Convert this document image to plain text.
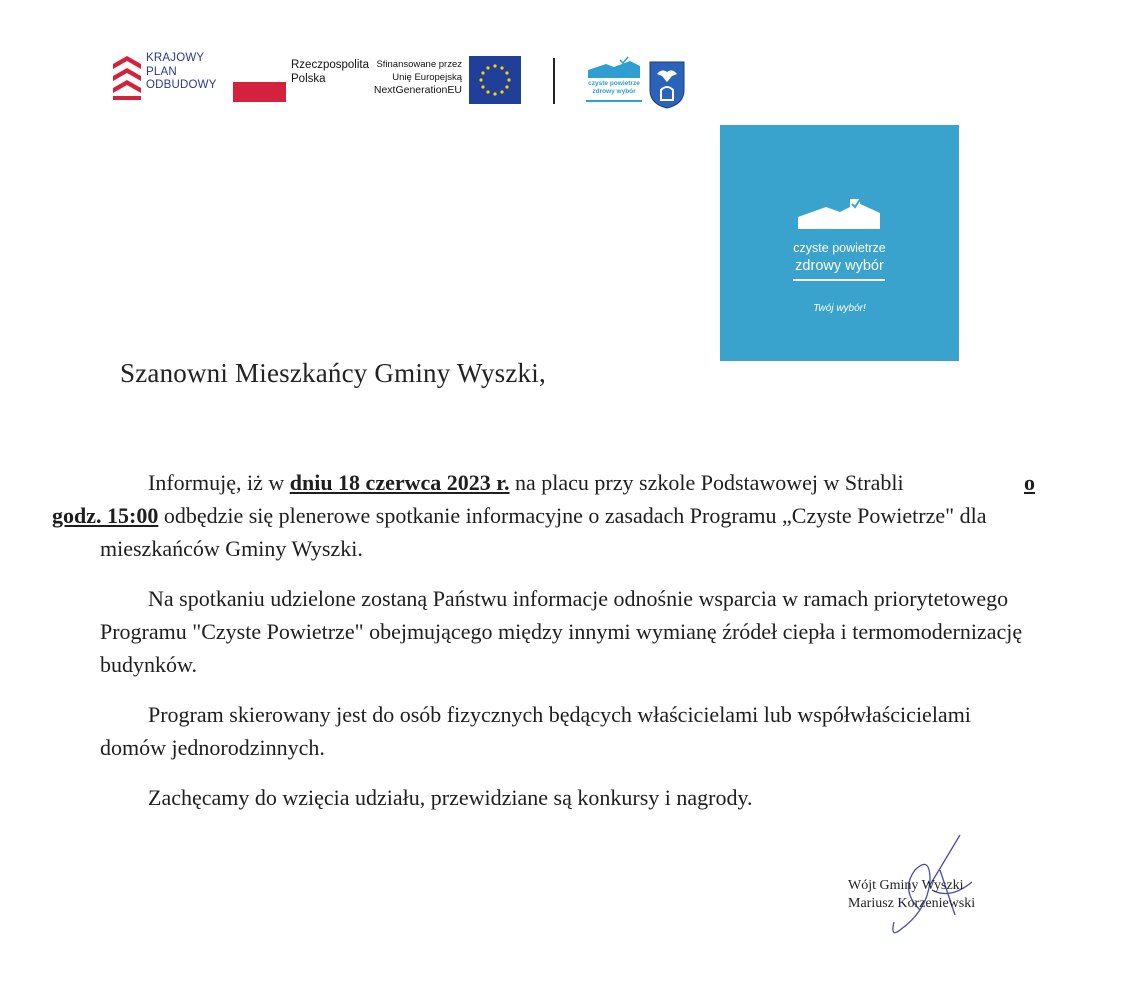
KRAJOWY
PLAN
ODBUDOWY
Rzeczpospolita
Polska
Sfinansowane przez
Unię Europejską
NextGenerationEU
czyste powietrze
zdrowy wybór
czyste powietrze
zdrowy wybór
Twój wybór!
Szanowni Mieszkańcy Gminy Wyszki,

Informuję, iż w dniu 18 czerwca 2023 r. na placu przy szkole Podstawowej w Strabli	o
godz. 15:00 odbędzie się plenerowe spotkanie informacyjne o zasadach Programu „Czyste Powietrze" dla mieszkańców Gminy Wyszki.

Na spotkaniu udzielone zostaną Państwu informacje odnośnie wsparcia w ramach priorytetowego Programu "Czyste Powietrze" obejmującego między innymi wymianę źródeł ciepła i termomodernizację budynków.

Program skierowany jest do osób fizycznych będących właścicielami lub współwłaścicielami domów jednorodzinnych.

Zachęcamy do wzięcia udziału, przewidziane są konkursy i nagrody.

Wójt Gminy Wyszki
Mariusz Korzeniewski
